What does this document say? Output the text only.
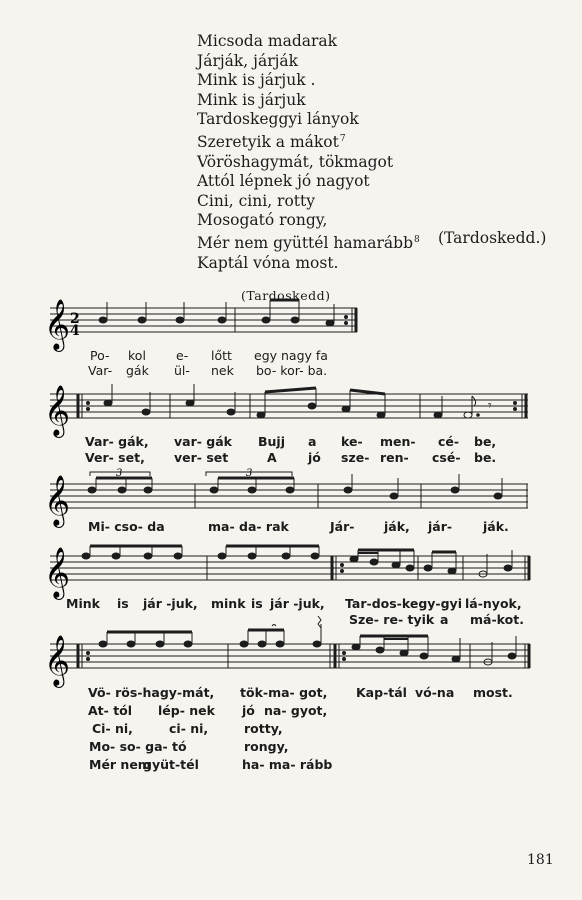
Micsoda madarak
Járják, járják
Mink is járjuk .
Mink is járjuk
Tardoskeggyi lányok
Szeretyik a mákot$^7$
Vöröshagymát, tökmagot
Attól lépnek jó nagyot
Cini, cini, rotty
Mosogató rongy,
Mér nem gyüttél hamarább$^8$
Kaptál vóna most.
(Tardoskedd.)
(Tardoskedd)
𝄞 2
4
Po- kol e- lőtt egy nagy fa
Var- gák ül- nek bo- kor- ba.
𝄞	𝄾
Var- gák, var- gák Bujj a ke- men- cé- be,
Ver- set, ver- set	A	jó sze- ren- csé- be.
3	3
𝄞
Mi- cso- da	ma- da- rak	Jár- ják, jár- ják.
𝄞
Mink is jár -juk, mink is jár -juk, Tar-dos-kegy-gyi lá-nyok,
Sze- re- tyik a má-kot.
𝄞
Vö- rös-hagy-mát, tök-ma- got, Kap-tál vó-na most.
At- tól lép- nek jó na- gyot,
Ci- ni,	ci- ni,	rotty,
Mo- so- ga- tó	rongy,
Mér nem
gyüt-tél	ha- ma- rább
181
